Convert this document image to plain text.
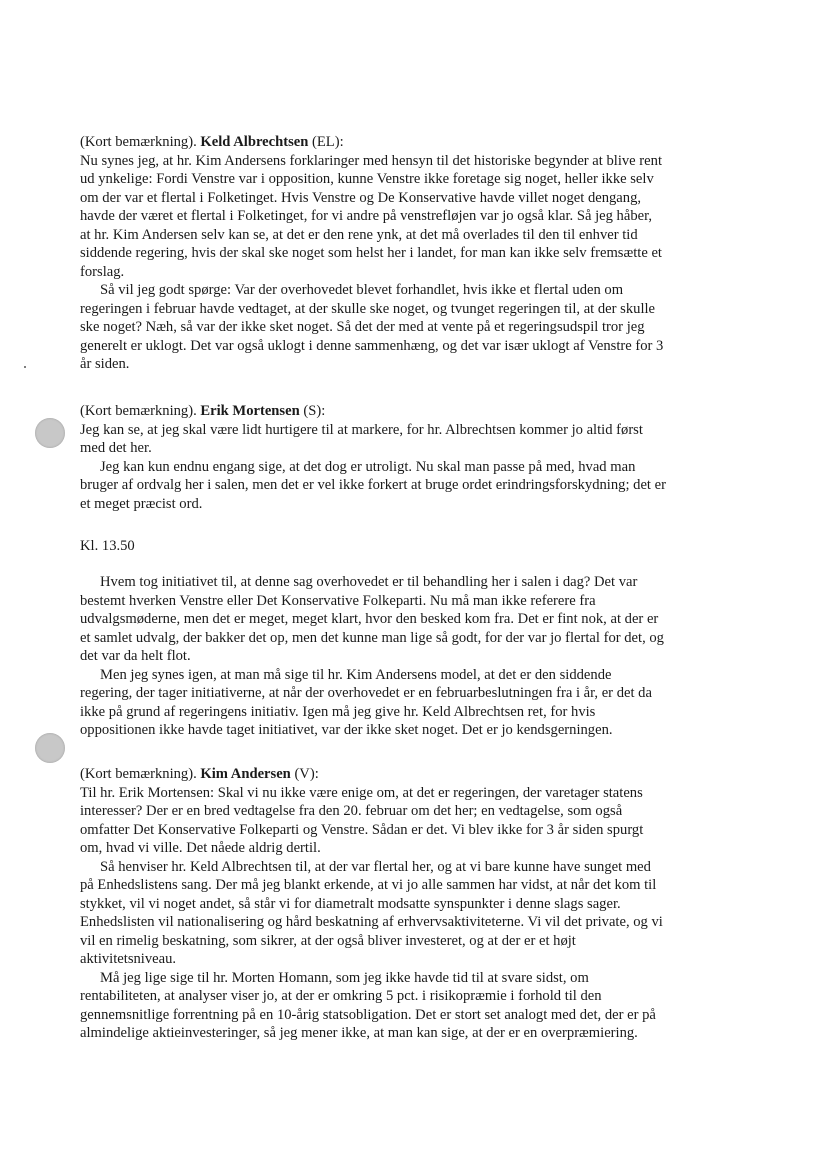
(Kort bemærkning). Keld Albrechtsen (EL):
Nu synes jeg, at hr. Kim Andersens forklaringer med hensyn til det historiske begynder at blive rent
ud ynkelige: Fordi Venstre var i opposition, kunne Venstre ikke foretage sig noget, heller ikke selv
om der var et flertal i Folketinget. Hvis Venstre og De Konservative havde villet noget dengang,
havde der været et flertal i Folketinget, for vi andre på venstrefløjen var jo også klar. Så jeg håber,
at hr. Kim Andersen selv kan se, at det er den rene ynk, at det må overlades til den til enhver tid
siddende regering, hvis der skal ske noget som helst her i landet, for man kan ikke selv fremsætte et
forslag.
Så vil jeg godt spørge: Var der overhovedet blevet forhandlet, hvis ikke et flertal uden om
regeringen i februar havde vedtaget, at der skulle ske noget, og tvunget regeringen til, at der skulle
ske noget? Næh, så var der ikke sket noget. Så det der med at vente på et regeringsudspil tror jeg
generelt er uklogt. Det var også uklogt i denne sammenhæng, og det var især uklogt af Venstre for 3
år siden.
(Kort bemærkning). Erik Mortensen (S):
Jeg kan se, at jeg skal være lidt hurtigere til at markere, for hr. Albrechtsen kommer jo altid først
med det her.
Jeg kan kun endnu engang sige, at det dog er utroligt. Nu skal man passe på med, hvad man
bruger af ordvalg her i salen, men det er vel ikke forkert at bruge ordet erindringsforskydning; det er
et meget præcist ord.
Kl. 13.50
Hvem tog initiativet til, at denne sag overhovedet er til behandling her i salen i dag? Det var
bestemt hverken Venstre eller Det Konservative Folkeparti. Nu må man ikke referere fra
udvalgsmøderne, men det er meget, meget klart, hvor den besked kom fra. Det er fint nok, at der er
et samlet udvalg, der bakker det op, men det kunne man lige så godt, for der var jo flertal for det, og
det var da helt flot.
Men jeg synes igen, at man må sige til hr. Kim Andersens model, at det er den siddende
regering, der tager initiativerne, at når der overhovedet er en februarbeslutningen fra i år, er det da
ikke på grund af regeringens initiativ. Igen må jeg give hr. Keld Albrechtsen ret, for hvis
oppositionen ikke havde taget initiativet, var der ikke sket noget. Det er jo kendsgerningen.
(Kort bemærkning). Kim Andersen (V):
Til hr. Erik Mortensen: Skal vi nu ikke være enige om, at det er regeringen, der varetager statens
interesser? Der er en bred vedtagelse fra den 20. februar om det her; en vedtagelse, som også
omfatter Det Konservative Folkeparti og Venstre. Sådan er det. Vi blev ikke for 3 år siden spurgt
om, hvad vi ville. Det nåede aldrig dertil.
Så henviser hr. Keld Albrechtsen til, at der var flertal her, og at vi bare kunne have sunget med
på Enhedslistens sang. Der må jeg blankt erkende, at vi jo alle sammen har vidst, at når det kom til
stykket, vil vi noget andet, så står vi for diametralt modsatte synspunkter i denne slags sager.
Enhedslisten vil nationalisering og hård beskatning af erhvervsaktiviteterne. Vi vil det private, og vi
vil en rimelig beskatning, som sikrer, at der også bliver investeret, og at der er et højt
aktivitetsniveau.
Må jeg lige sige til hr. Morten Homann, som jeg ikke havde tid til at svare sidst, om
rentabiliteten, at analyser viser jo, at der er omkring 5 pct. i risikopræmie i forhold til den
gennemsnitlige forrentning på en 10-årig statsobligation. Det er stort set analogt med det, der er på
almindelige aktieinvesteringer, så jeg mener ikke, at man kan sige, at der er en overpræmiering.
